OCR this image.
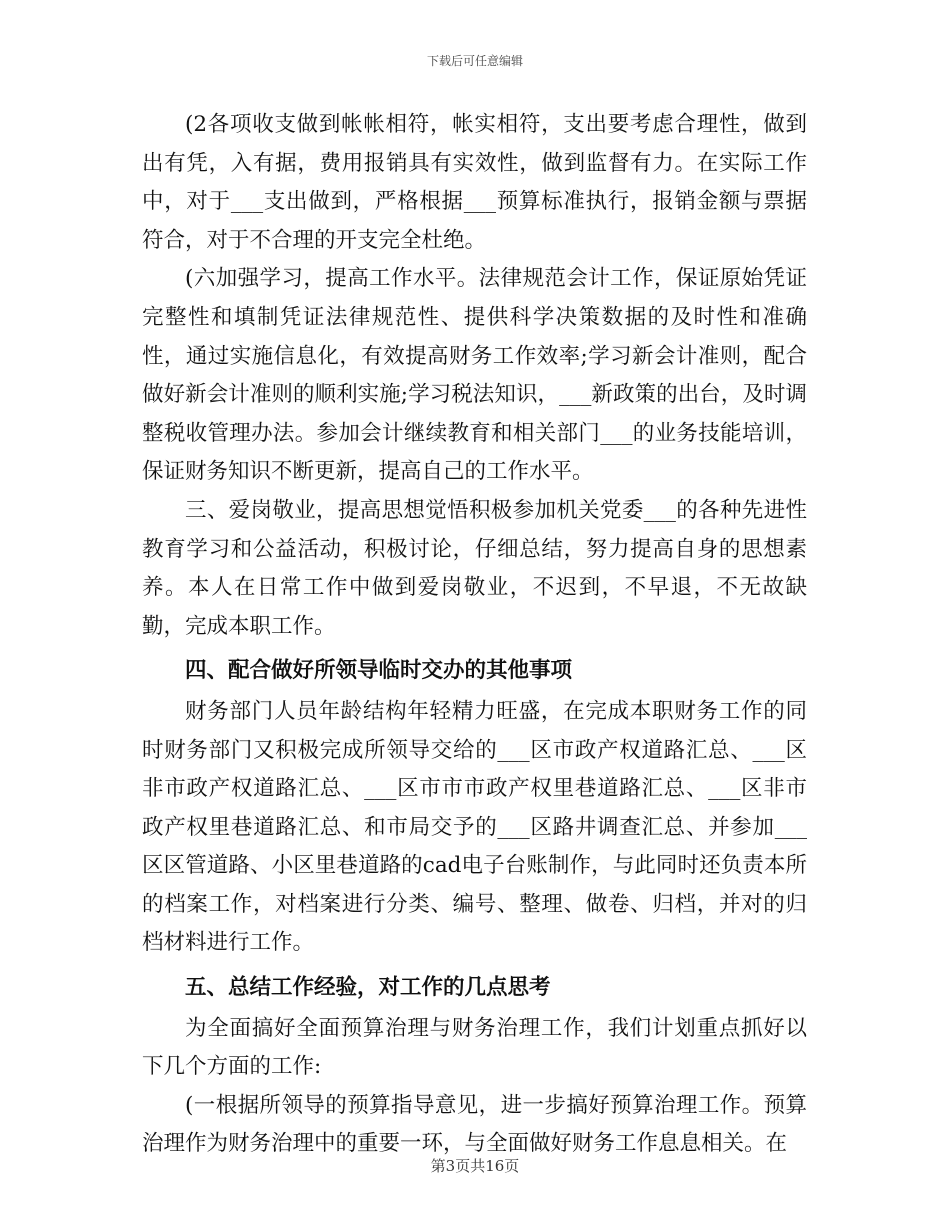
下载后可任意编辑

(2各项收支做到帐帐相符，帐实相符，支出要考虑合理性，做到出有凭，入有据，费用报销具有实效性，做到监督有力。在实际工作中，对于___支出做到，严格根据___预算标准执行，报销金额与票据符合，对于不合理的开支完全杜绝。

(六加强学习，提高工作水平。法律规范会计工作，保证原始凭证完整性和填制凭证法律规范性、提供科学决策数据的及时性和准确性，通过实施信息化，有效提高财务工作效率;学习新会计准则，配合做好新会计准则的顺利实施;学习税法知识，___新政策的出台，及时调整税收管理办法。参加会计继续教育和相关部门___的业务技能培训，保证财务知识不断更新，提高自己的工作水平。

三、爱岗敬业，提高思想觉悟积极参加机关党委___的各种先进性教育学习和公益活动，积极讨论，仔细总结，努力提高自身的思想素养。本人在日常工作中做到爱岗敬业，不迟到，不早退，不无故缺勤，完成本职工作。

四、配合做好所领导临时交办的其他事项

财务部门人员年龄结构年轻精力旺盛，在完成本职财务工作的同时财务部门又积极完成所领导交给的___区市政产权道路汇总、___区非市政产权道路汇总、___区市市市政产权里巷道路汇总、___区非市政产权里巷道路汇总、和市局交予的___区路井调查汇总、并参加___区区管道路、小区里巷道路的cad电子台账制作，与此同时还负责本所的档案工作，对档案进行分类、编号、整理、做卷、归档，并对的归档材料进行工作。

五、总结工作经验，对工作的几点思考

为全面搞好全面预算治理与财务治理工作，我们计划重点抓好以下几个方面的工作:

(一根据所领导的预算指导意见，进一步搞好预算治理工作。预算治理作为财务治理中的重要一环，与全面做好财务工作息息相关。在

第3页共16页
